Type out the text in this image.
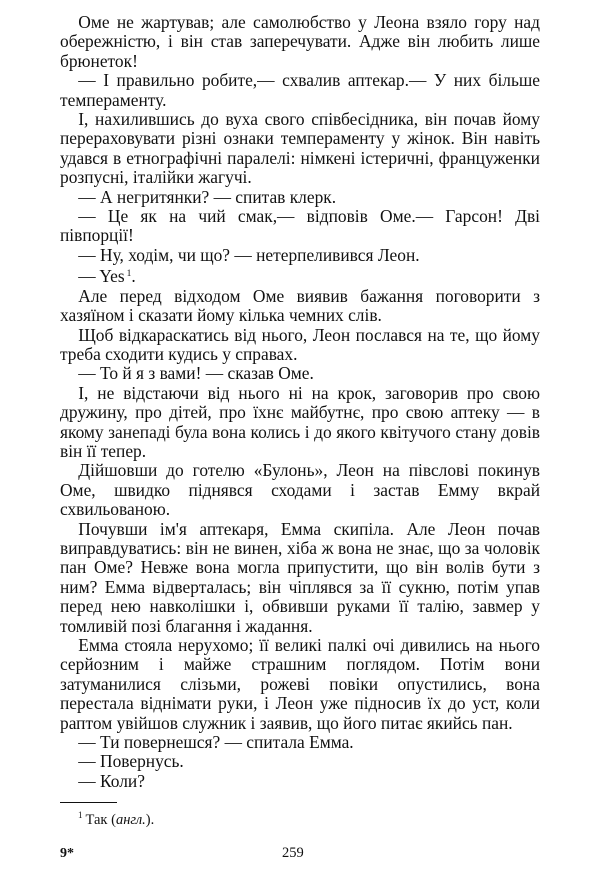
Оме не жартував; але самолюбство у Леона взяло гору над обережністю, і він став заперечувати. Адже він любить лише брюнеток!

— І правильно робите,— схвалив аптекар.— У них більше темпераменту.

І, нахилившись до вуха свого співбесідника, він почав йому перераховувати різні ознаки темпераменту у жінок. Він навіть удався в етнографічні паралелі: німкені істеричні, француженки розпусні, італійки жагучі.

— А негритянки? — спитав клерк.

— Це як на чий смак,— відповів Оме.— Гарсон! Дві півпорції!

— Ну, ходім, чи що? — нетерпеливився Леон.

— Yes $^1$.

Але перед відходом Оме виявив бажання поговорити з хазяїном і сказати йому кілька чемних слів.

Щоб відкараскатись від нього, Леон послався на те, що йому треба сходити кудись у справах.

— То й я з вами! — сказав Оме.

І, не відстаючи від нього ні на крок, заговорив про свою дружину, про дітей, про їхнє майбутнє, про свою аптеку — в якому занепаді була вона колись і до якого квітучого стану довів він її тепер.

Дійшовши до готелю «Булонь», Леон на півслові покинув Оме, швидко піднявся сходами і застав Емму вкрай схвильованою.

Почувши ім'я аптекаря, Емма скипіла. Але Леон почав виправдуватись: він не винен, хіба ж вона не знає, що за чоловік пан Оме? Невже вона могла припустити, що він волів бути з ним? Емма відверталась; він чіплявся за її сукню, потім упав перед нею навколішки і, обвивши руками її талію, завмер у томливій позі благання і жадання.

Емма стояла нерухомо; її великі палкі очі дивились на нього серйозним і майже страшним поглядом. Потім вони затуманилися слізьми, рожеві повіки опустились, вона перестала віднімати руки, і Леон уже підносив їх до уст, коли раптом увійшов служник і заявив, що його питає якийсь пан.

— Ти повернешся? — спитала Емма.

— Повернусь.

— Коли?

$^1$ Так (англ.).
9*	259
